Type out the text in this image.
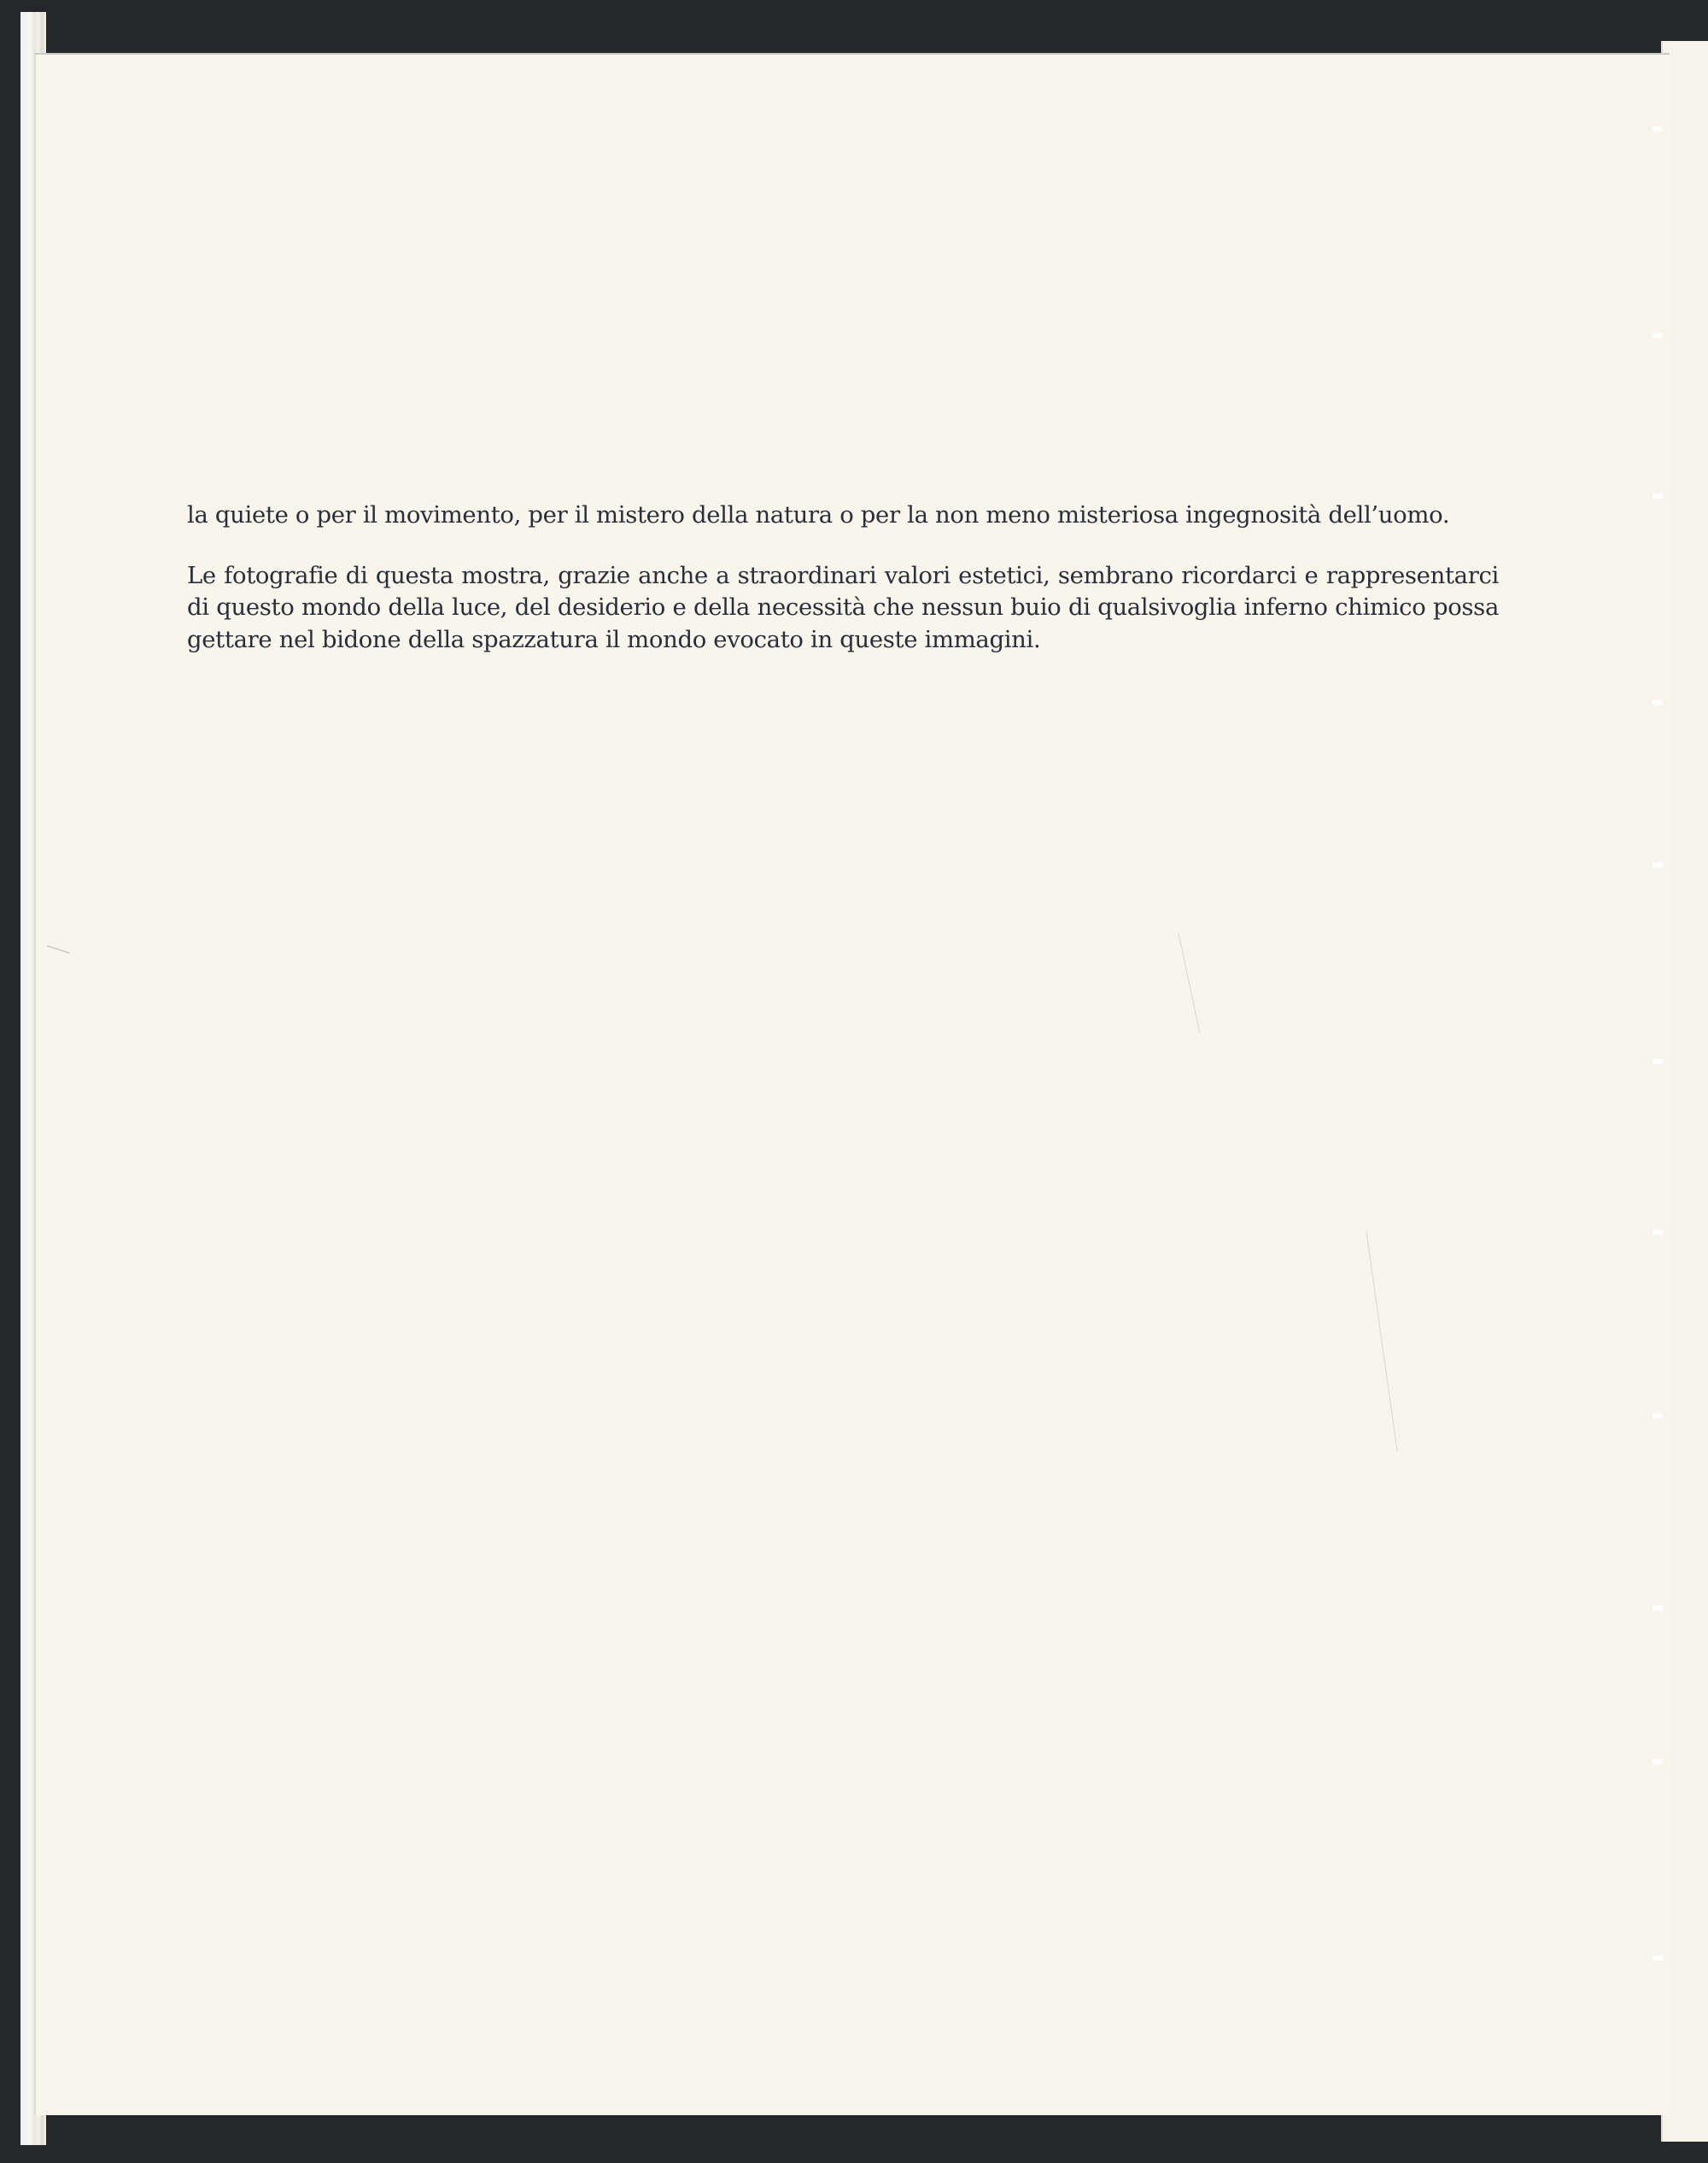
la quiete o per il movimento, per il mistero della natura o per la non meno misteriosa ingegnosità dell’uomo.

Le fotografie di questa mostra, grazie anche a straordinari valori estetici, sembrano ricordarci e rappresentarci di questo mondo della luce, del desiderio e della necessità che nessun buio di qualsivoglia inferno chimico possa gettare nel bidone della spazzatura il mondo evocato in queste immagini.
